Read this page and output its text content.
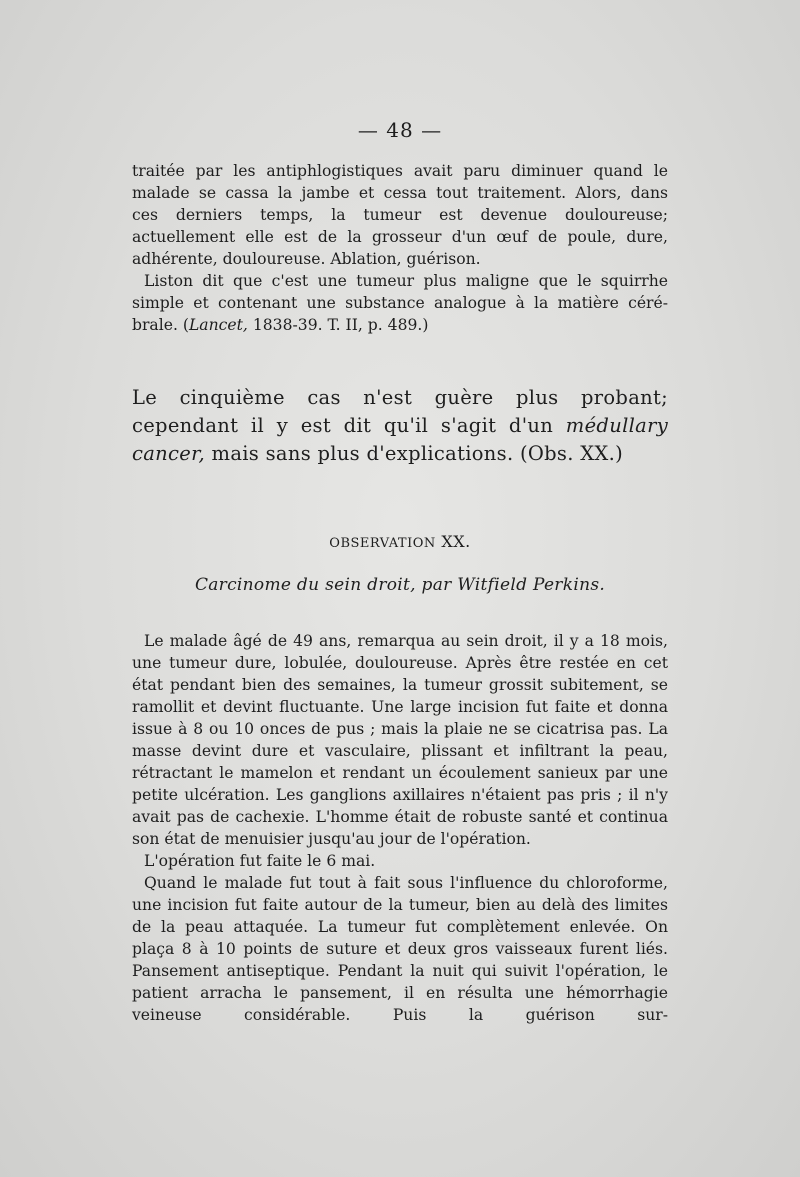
— 48 —

traitée par les antiphlogistiques avait paru diminuer quand le

malade se cassa la jambe et cessa tout traitement. Alors, dans

ces derniers temps, la tumeur est devenue douloureuse;

actuellement elle est de la grosseur d'un œuf de poule, dure,

adhérente, douloureuse. Ablation, guérison.

Liston dit que c'est une tumeur plus maligne que le squirrhe simple et contenant une substance analogue à la matière céré-brale. (Lancet, 1838-39. T. II, p. 489.)

Le cinquième cas n'est guère plus probant; cependant il y est dit qu'il s'agit d'un médullary cancer, mais sans plus d'explications. (Obs. XX.)

OBSERVATION XX.
Carcinome du sein droit, par Witfield Perkins.

Le malade âgé de 49 ans, remarqua au sein droit, il y a 18 mois, une tumeur dure, lobulée, douloureuse. Après être restée en cet état pendant bien des semaines, la tumeur grossit subitement, se ramollit et devint fluctuante. Une large incision fut faite et donna issue à 8 ou 10 onces de pus ; mais la plaie ne se cicatrisa pas. La masse devint dure et vasculaire, plissant et infiltrant la peau, rétractant le mamelon et rendant un écoulement sanieux par une petite ulcération. Les ganglions axillaires n'étaient pas pris ; il n'y avait pas de cachexie. L'homme était de robuste santé et continua son état de menuisier jusqu'au jour de l'opération.

L'opération fut faite le 6 mai.

Quand le malade fut tout à fait sous l'influence du chloroforme, une incision fut faite autour de la tumeur, bien au delà des limites de la peau attaquée. La tumeur fut complètement enlevée. On plaça 8 à 10 points de suture et deux gros vaisseaux furent liés. Pansement antiseptique. Pendant la nuit qui suivit l'opération, le patient arracha le pansement, il en résulta une hémorrhagie veineuse considérable. Puis la guérison sur-
